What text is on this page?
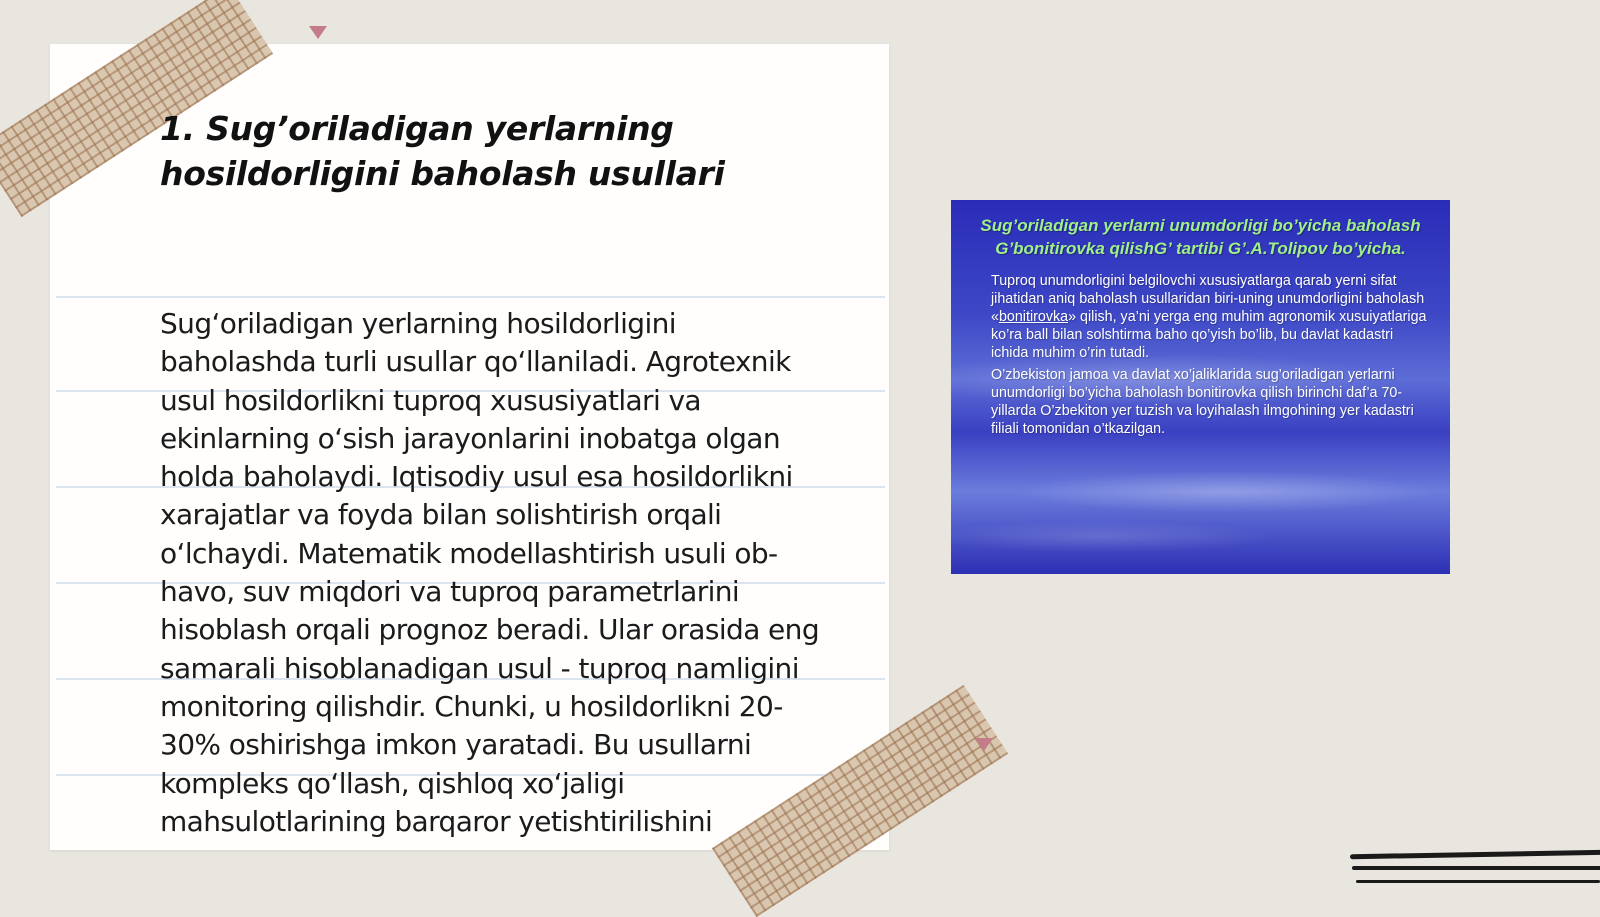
1. Sug’oriladigan yerlarning hosildorligini baholash usullari

Sug‘oriladigan yerlarning hosildorligini baholashda turli usullar qo‘llaniladi. Agrotexnik usul hosildorlikni tuproq xususiyatlari va ekinlarning o‘sish jarayonlarini inobatga olgan holda baholaydi. Iqtisodiy usul esa hosildorlikni xarajatlar va foyda bilan solishtirish orqali o‘lchaydi. Matematik modellashtirish usuli ob-havo, suv miqdori va tuproq parametrlarini hisoblash orqali prognoz beradi. Ular orasida eng samarali hisoblanadigan usul - tuproq namligini monitoring qilishdir. Chunki, u hosildorlikni 20-30% oshirishga imkon yaratadi. Bu usullarni kompleks qo‘llash, qishloq xo‘jaligi mahsulotlarining barqaror yetishtirilishini

Sug’oriladigan yerlarni unumdorligi bo’yicha baholash G’bonitirovka qilishG’ tartibi G’.A.Tolipov bo’yicha.

Tuproq unumdorligini belgilovchi xususiyatlarga qarab yerni sifat jihatidan aniq baholash usullaridan biri-uning unumdorligini baholash «bonitirovka» qilish, ya’ni yerga eng muhim agronomik xusuiyatlariga ko’ra ball bilan solshtirma baho qo’yish bo’lib, bu davlat kadastri ichida muhim o’rin tutadi.

O’zbekiston jamoa va davlat xo’jaliklarida sug’oriladigan yerlarni unumdorligi bo’yicha baholash bonitirovka qilish birinchi daf’a 70-yillarda O’zbekiton yer tuzish va loyihalash ilmgohining yer kadastri filiali tomonidan o’tkazilgan.
